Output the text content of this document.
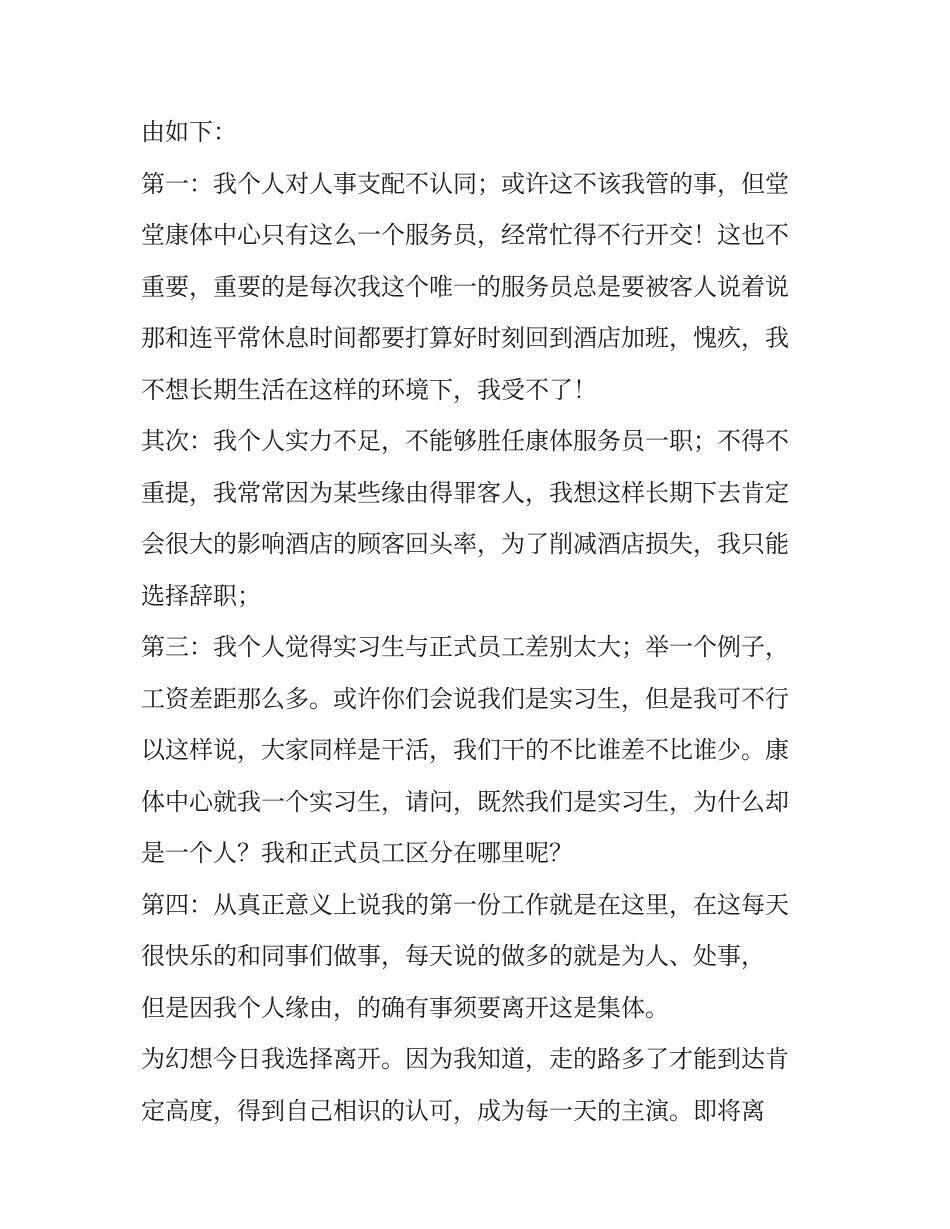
由如下：
第一：我个人对人事支配不认同；或许这不该我管的事，但堂
堂康体中心只有这么一个服务员，经常忙得不行开交！这也不
重要，重要的是每次我这个唯一的服务员总是要被客人说着说
那和连平常休息时间都要打算好时刻回到酒店加班，愧疚，我
不想长期生活在这样的环境下，我受不了！
其次：我个人实力不足，不能够胜任康体服务员一职；不得不
重提，我常常因为某些缘由得罪客人，我想这样长期下去肯定
会很大的影响酒店的顾客回头率，为了削减酒店损失，我只能
选择辞职；
第三：我个人觉得实习生与正式员工差别太大；举一个例子，
工资差距那么多。或许你们会说我们是实习生，但是我可不行
以这样说，大家同样是干活，我们干的不比谁差不比谁少。康
体中心就我一个实习生，请问，既然我们是实习生，为什么却
是一个人？我和正式员工区分在哪里呢？
第四：从真正意义上说我的第一份工作就是在这里，在这每天
很快乐的和同事们做事，每天说的做多的就是为人、处事，
但是因我个人缘由，的确有事须要离开这是集体。
为幻想今日我选择离开。因为我知道，走的路多了才能到达肯
定高度，得到自己相识的认可，成为每一天的主演。即将离
